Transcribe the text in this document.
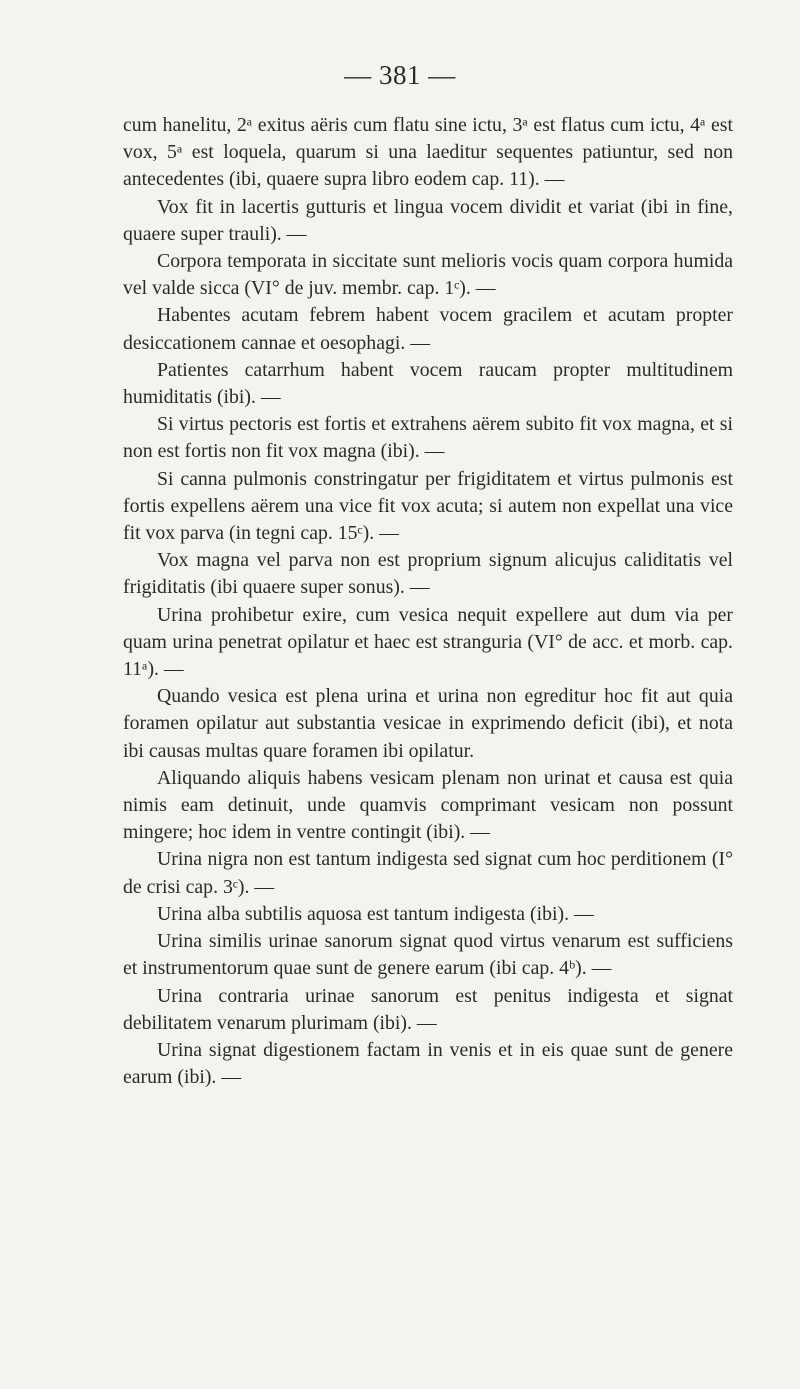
— 381 —

cum hanelitu, 2ᵃ exitus aëris cum flatu sine ictu, 3ᵃ est flatus cum ictu, 4ᵃ est vox, 5ᵃ est loquela, quarum si una laeditur sequentes patiuntur, sed non antecedentes (ibi, quaere supra libro eodem cap. 11). —

Vox fit in lacertis gutturis et lingua vocem dividit et variat (ibi in fine, quaere super trauli). —

Corpora temporata in siccitate sunt melioris vocis quam corpora humida vel valde sicca (VI° de juv. membr. cap. 1ᶜ). —

Habentes acutam febrem habent vocem gracilem et acutam propter desiccationem cannae et oesophagi. —

Patientes catarrhum habent vocem raucam propter multitudinem humiditatis (ibi). —

Si virtus pectoris est fortis et extrahens aërem subito fit vox magna, et si non est fortis non fit vox magna (ibi). —

Si canna pulmonis constringatur per frigiditatem et virtus pulmonis est fortis expellens aërem una vice fit vox acuta; si autem non expellat una vice fit vox parva (in tegni cap. 15ᶜ). —

Vox magna vel parva non est proprium signum alicujus caliditatis vel frigiditatis (ibi quaere super sonus). —

Urina prohibetur exire, cum vesica nequit expellere aut dum via per quam urina penetrat opilatur et haec est stranguria (VI° de acc. et morb. cap. 11ᵃ). —

Quando vesica est plena urina et urina non egreditur hoc fit aut quia foramen opilatur aut substantia vesicae in exprimendo deficit (ibi), et nota ibi causas multas quare foramen ibi opilatur.

Aliquando aliquis habens vesicam plenam non urinat et causa est quia nimis eam detinuit, unde quamvis comprimant vesicam non possunt mingere; hoc idem in ventre contingit (ibi). —

Urina nigra non est tantum indigesta sed signat cum hoc perditionem (I° de crisi cap. 3ᶜ). —

Urina alba subtilis aquosa est tantum indigesta (ibi). —

Urina similis urinae sanorum signat quod virtus venarum est sufficiens et instrumentorum quae sunt de genere earum (ibi cap. 4ᵇ). —

Urina contraria urinae sanorum est penitus indigesta et signat debilitatem venarum plurimam (ibi). —

Urina signat digestionem factam in venis et in eis quae sunt de genere earum (ibi). —
